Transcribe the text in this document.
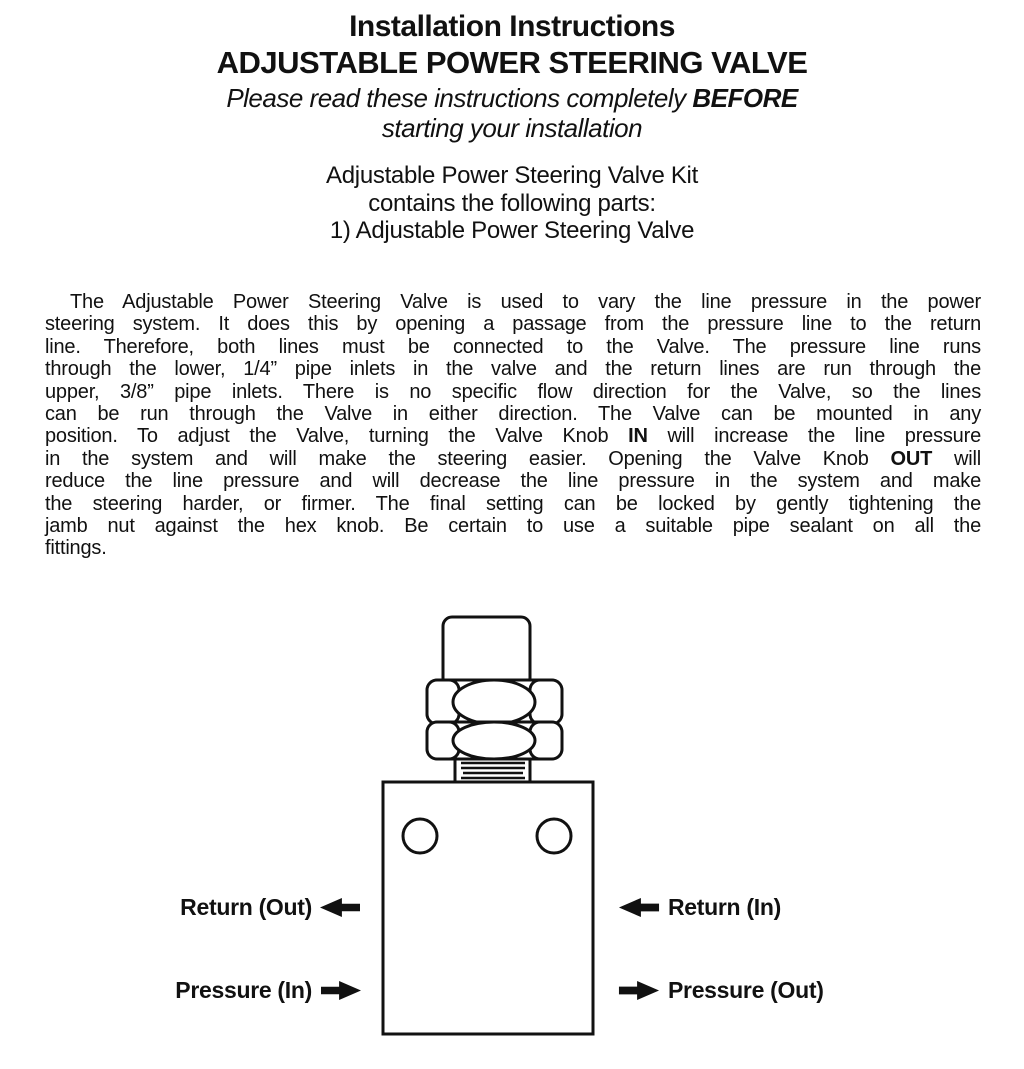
Installation Instructions
ADJUSTABLE POWER STEERING VALVE
Please read these instructions completely BEFORE
starting your installation
Adjustable Power Steering Valve Kit
contains the following parts:
1) Adjustable Power Steering Valve
The Adjustable Power Steering Valve is used to vary the line pressure in the power
steering system. It does this by opening a passage from the pressure line to the return
line. Therefore, both lines must be connected to the Valve. The pressure line runs
through the lower, 1/4” pipe inlets in the valve and the return lines are run through the
upper, 3/8” pipe inlets. There is no specific flow direction for the Valve, so the lines
can be run through the Valve in either direction. The Valve can be mounted in any
position. To adjust the Valve, turning the Valve Knob IN will increase the line pressure
in the system and will make the steering easier. Opening the Valve Knob OUT will
reduce the line pressure and will decrease the line pressure in the system and make
the steering harder, or firmer. The final setting can be locked by gently tightening the
jamb nut against the hex knob. Be certain to use a suitable pipe sealant on all the
fittings.
Return (Out)
Pressure (In)
Return (In)
Pressure (Out)
